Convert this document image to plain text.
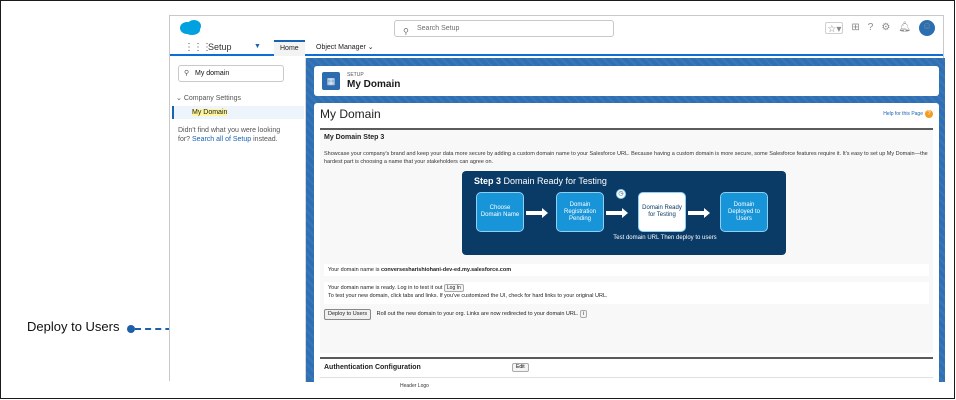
Deploy to Users
⚲ Search Setup	☆▾ ⊞ ? ⚙ 🔔︎ ☺
⋮⋮⋮
Setup	▼	Home	Object Manager ⌄
⚲ My domain
⌄ Company Settings
My Domain
Didn't find what you were looking for? Search all of Setup instead.
▦
SETUP
My Domain
My Domain	Help for this Page ?
My Domain Step 3
Showcase your company's brand and keep your data more secure by adding a custom domain name to your Salesforce URL. Because having a custom domain is more secure, some Salesforce features require it. It's easy to set up My Domain—the hardest part is choosing a name that your stakeholders can agree on.
Step 3 Domain Ready for Testing
Choose Domain Name
Domain Registration Pending
◷
Domain Ready for Testing
Domain Deployed to Users
Test domain URL Then deploy to users
Your domain name is conversesharishiohani-dev-ed.my.salesforce.com
Your domain name is ready. Log in to test it out Log In
To test your new domain, click tabs and links. If you've customized the UI, check for hard links to your original URL.
Deploy to Users Roll out the new domain to your org. Links are now redirected to your domain URL. i
Authentication Configuration	Edit
Header Logo
